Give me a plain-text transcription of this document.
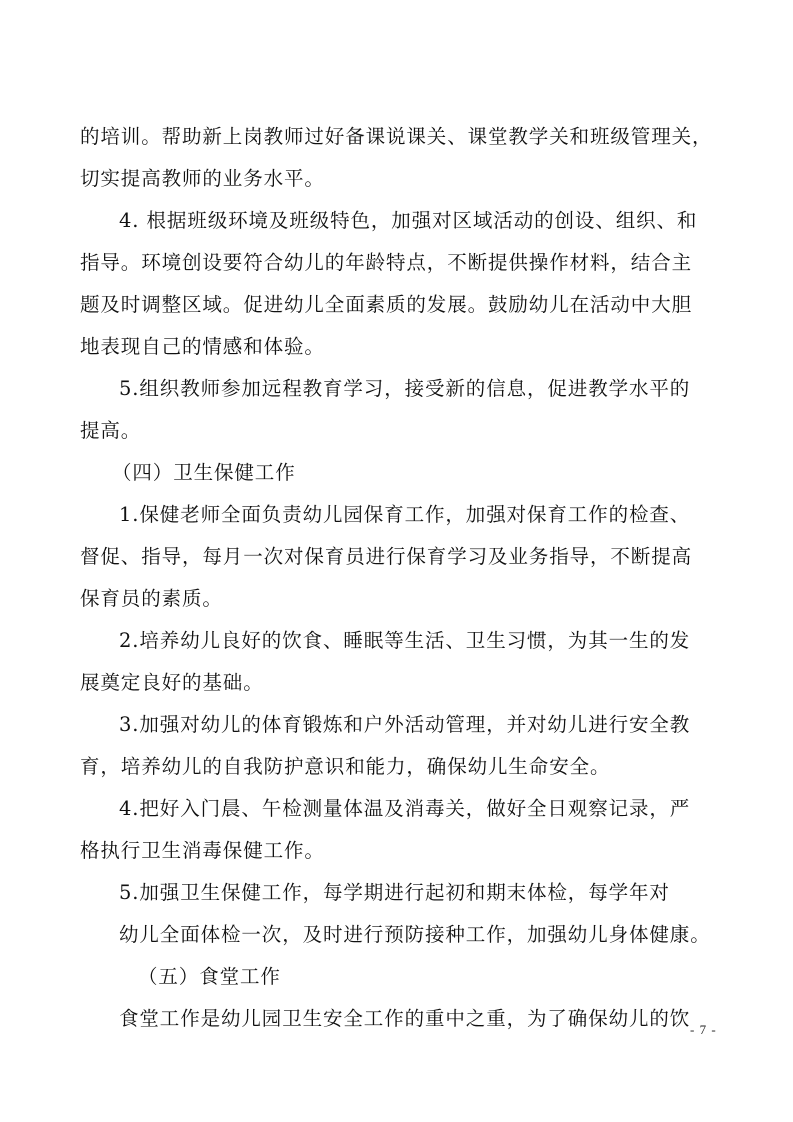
的培训。帮助新上岗教师过好备课说课关、课堂教学关和班级管理关，
切实提高教师的业务水平。
4. 根据班级环境及班级特色，加强对区域活动的创设、组织、和
指导。环境创设要符合幼儿的年龄特点，不断提供操作材料，结合主
题及时调整区域。促进幼儿全面素质的发展。鼓励幼儿在活动中大胆
地表现自己的情感和体验。
5.组织教师参加远程教育学习，接受新的信息，促进教学水平的
提高。
（四）卫生保健工作
1.保健老师全面负责幼儿园保育工作，加强对保育工作的检查、
督促、指导，每月一次对保育员进行保育学习及业务指导，不断提高
保育员的素质。
2.培养幼儿良好的饮食、睡眠等生活、卫生习惯，为其一生的发
展奠定良好的基础。
3.加强对幼儿的体育锻炼和户外活动管理，并对幼儿进行安全教
育，培养幼儿的自我防护意识和能力，确保幼儿生命安全。
4.把好入门晨、午检测量体温及消毒关，做好全日观察记录，严
格执行卫生消毒保健工作。
5.加强卫生保健工作，每学期进行起初和期末体检，每学年对
幼儿全面体检一次，及时进行预防接种工作，加强幼儿身体健康。
（五）食堂工作
食堂工作是幼儿园卫生安全工作的重中之重，为了确保幼儿的饮 - 7 -
